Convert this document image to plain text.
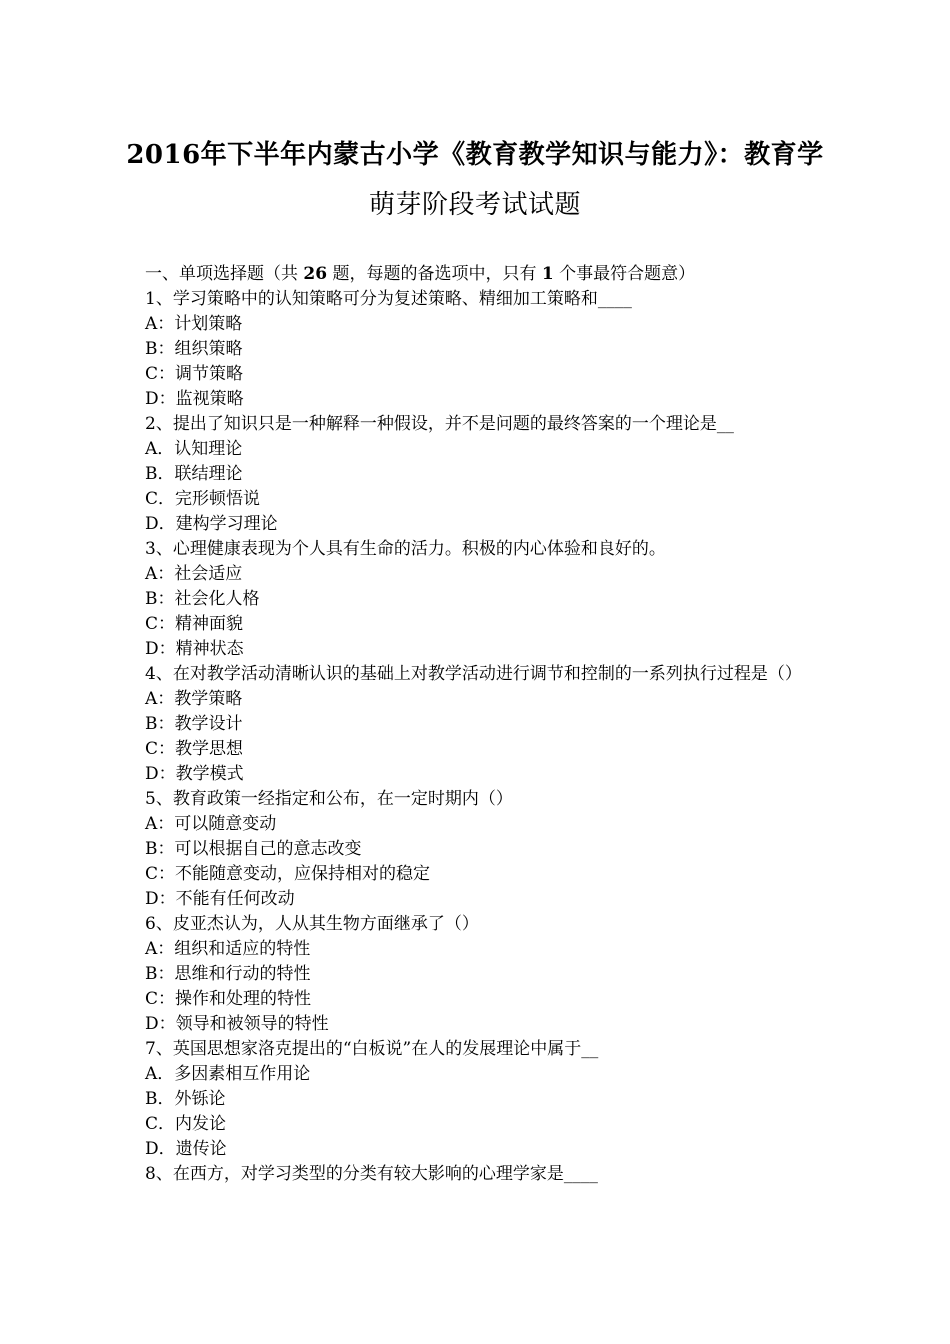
2016年下半年内蒙古小学《教育教学知识与能力》：教育学
萌芽阶段考试试题
一、单项选择题（共 26 题，每题的备选项中，只有 1 个事最符合题意）
1、学习策略中的认知策略可分为复述策略、精细加工策略和____
A：计划策略
B：组织策略
C：调节策略
D：监视策略
2、提出了知识只是一种解释一种假设，并不是问题的最终答案的一个理论是__
A．认知理论
B．联结理论
C．完形顿悟说
D．建构学习理论
3、心理健康表现为个人具有生命的活力。积极的内心体验和良好的。
A：社会适应
B：社会化人格
C：精神面貌
D：精神状态
4、在对教学活动清晰认识的基础上对教学活动进行调节和控制的一系列执行过程是（）
A：教学策略
B：教学设计
C：教学思想
D：教学模式
5、教育政策一经指定和公布，在一定时期内（）
A：可以随意变动
B：可以根据自己的意志改变
C：不能随意变动，应保持相对的稳定
D：不能有任何改动
6、皮亚杰认为，人从其生物方面继承了（）
A：组织和适应的特性
B：思维和行动的特性
C：操作和处理的特性
D：领导和被领导的特性
7、英国思想家洛克提出的“白板说”在人的发展理论中属于__
A．多因素相互作用论
B．外铄论
C．内发论
D．遗传论
8、在西方，对学习类型的分类有较大影响的心理学家是____
